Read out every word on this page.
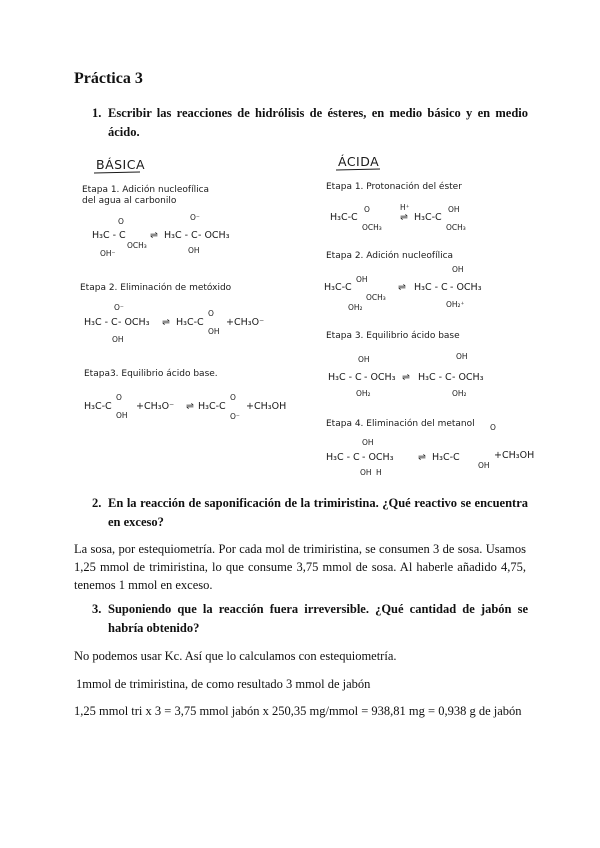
Práctica 3
1. Escribir las reacciones de hidrólisis de ésteres, en medio básico y en medio ácido.
BÁSICA	ÁCIDA
Etapa 1. Adición nucleofílica
del agua al carbonilo
O
H₃C - C
OCH₃
OH⁻
⇌
O⁻
H₃C - C - OCH₃
OH
Etapa 2. Eliminación de metóxido
O⁻
H₃C - C - OCH₃
OH
⇌ H₃C-C
O
OH
+ CH₃O⁻
Etapa3. Equilibrio ácido base.
H₃C-C
O
OH
+ CH₃O⁻ ⇌ H₃C-C
O
O⁻
+ CH₃OH
Etapa 1. Protonación del éster
H₃C-C
O
OCH₃
H⁺
⇌ H₃C-C
OH
OCH₃
Etapa 2. Adición nucleofílica
OH
H₃C-C
OH
OCH₃
OH₂
⇌ H₃C - C - OCH₃
OH₂⁺
Etapa 3. Equilibrio ácido base
OH	OH
H₃C - C - OCH₃
OH₂
⇌ H₃C - C - OCH₃
OH₂
Etapa 4. Eliminación del metanol
OH
O
H₃C - C - OCH₃
OH H
⇌ H₃C-C
OH
+ CH₃OH
2. En la reacción de saponificación de la trimiristina. ¿Qué reactivo se encuentra en exceso?
La sosa, por estequiometría. Por cada mol de trimiristina, se consumen 3 de sosa. Usamos 1,25 mmol de trimiristina, lo que consume 3,75 mmol de sosa. Al haberle añadido 4,75, tenemos 1 mmol en exceso.
3. Suponiendo que la reacción fuera irreversible. ¿Qué cantidad de jabón se habría obtenido?
No podemos usar Kc. Así que lo calculamos con estequiometría.
1mmol de trimiristina, de como resultado 3 mmol de jabón
1,25 mmol tri x 3 = 3,75 mmol jabón x 250,35 mg/mmol = 938,81 mg = 0,938 g de jabón
